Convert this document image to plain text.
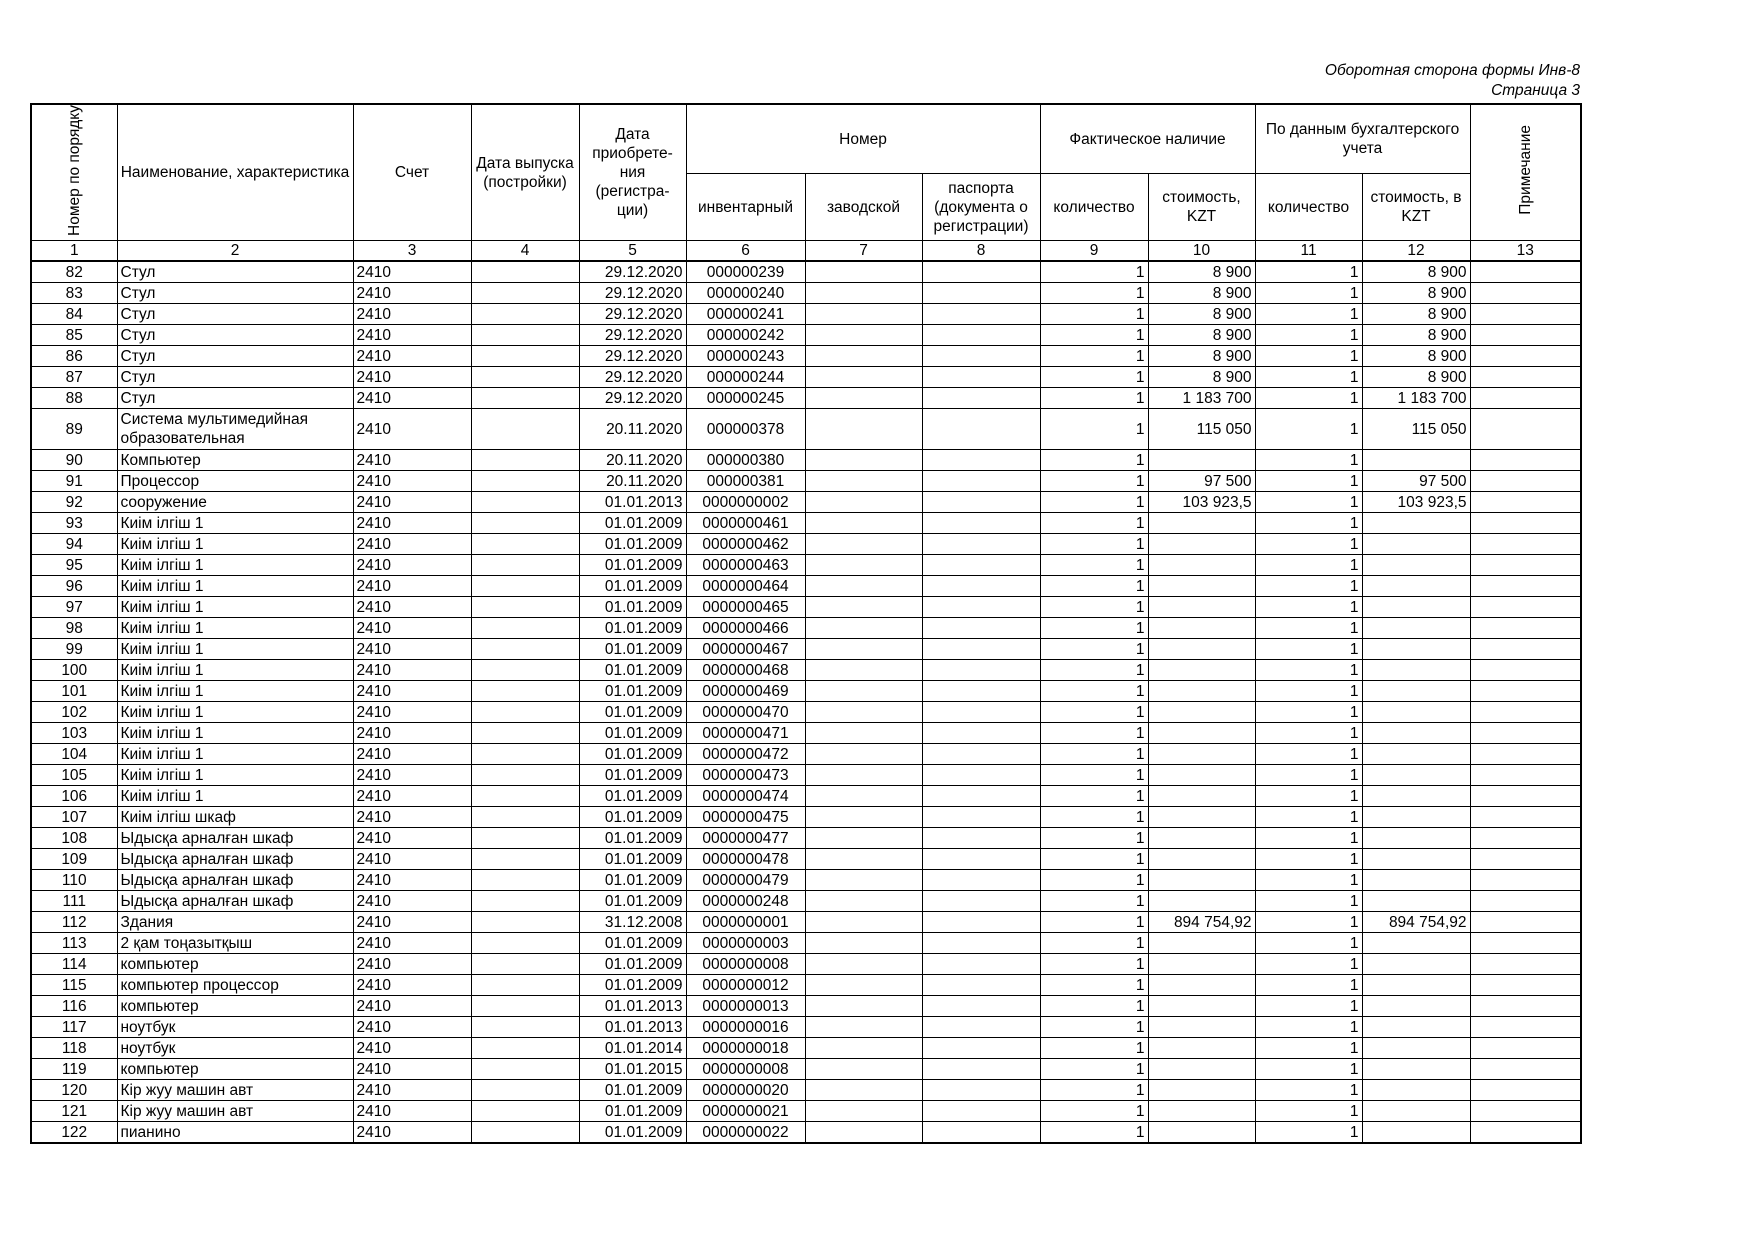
Оборотная сторона формы Инв-8
Страница 3
Номер по порядку	Наименование, характеристика	Счет	Дата выпуска (постройки)	Дата приобрете-ния (регистра-ции)	Номер			Фактическое наличие		По данным бухгалтерского учета		Примечание
					инвентарный	заводской	паспорта (документа о регистрации)	количество	стоимость, KZT	количество	стоимость, в KZT	
1	2	3	4	5	6	7	8	9	10	11	12	13
82	Стул	2410		29.12.2020	000000239			1	8 900	1	8 900	
83	Стул	2410		29.12.2020	000000240			1	8 900	1	8 900	
84	Стул	2410		29.12.2020	000000241			1	8 900	1	8 900	
85	Стул	2410		29.12.2020	000000242			1	8 900	1	8 900	
86	Стул	2410		29.12.2020	000000243			1	8 900	1	8 900	
87	Стул	2410		29.12.2020	000000244			1	8 900	1	8 900	
88	Стул	2410		29.12.2020	000000245			1	1 183 700	1	1 183 700	
89	Система мультимедийная образовательная	2410		20.11.2020	000000378			1	115 050	1	115 050	
90	Компьютер	2410		20.11.2020	000000380			1		1		
91	Процессор	2410		20.11.2020	000000381			1	97 500	1	97 500	
92	сооружение	2410		01.01.2013	0000000002			1	103 923,5	1	103 923,5	
93	Киім ілгіш 1	2410		01.01.2009	0000000461			1		1		
94	Киім ілгіш 1	2410		01.01.2009	0000000462			1		1		
95	Киім ілгіш 1	2410		01.01.2009	0000000463			1		1		
96	Киім ілгіш 1	2410		01.01.2009	0000000464			1		1		
97	Киім ілгіш 1	2410		01.01.2009	0000000465			1		1		
98	Киім ілгіш 1	2410		01.01.2009	0000000466			1		1		
99	Киім ілгіш 1	2410		01.01.2009	0000000467			1		1		
100	Киім ілгіш 1	2410		01.01.2009	0000000468			1		1		
101	Киім ілгіш 1	2410		01.01.2009	0000000469			1		1		
102	Киім ілгіш 1	2410		01.01.2009	0000000470			1		1		
103	Киім ілгіш 1	2410		01.01.2009	0000000471			1		1		
104	Киім ілгіш 1	2410		01.01.2009	0000000472			1		1		
105	Киім ілгіш 1	2410		01.01.2009	0000000473			1		1		
106	Киім ілгіш 1	2410		01.01.2009	0000000474			1		1		
107	Киім ілгіш шкаф	2410		01.01.2009	0000000475			1		1		
108	Ыдысқа арналған шкаф	2410		01.01.2009	0000000477			1		1		
109	Ыдысқа арналған шкаф	2410		01.01.2009	0000000478			1		1		
110	Ыдысқа арналған шкаф	2410		01.01.2009	0000000479			1		1		
111	Ыдысқа арналған шкаф	2410		01.01.2009	0000000248			1		1		
112	Здания	2410		31.12.2008	0000000001			1	894 754,92	1	894 754,92	
113	2 қам тоңазытқыш	2410		01.01.2009	0000000003			1		1		
114	компьютер	2410		01.01.2009	0000000008			1		1		
115	компьютер процессор	2410		01.01.2009	0000000012			1		1		
116	компьютер	2410		01.01.2013	0000000013			1		1		
117	ноутбук	2410		01.01.2013	0000000016			1		1		
118	ноутбук	2410		01.01.2014	0000000018			1		1		
119	компьютер	2410		01.01.2015	0000000008			1		1		
120	Кір жуу машин авт	2410		01.01.2009	0000000020			1		1		
121	Кір жуу машин авт	2410		01.01.2009	0000000021			1		1		
122	пианино	2410		01.01.2009	0000000022			1		1		
